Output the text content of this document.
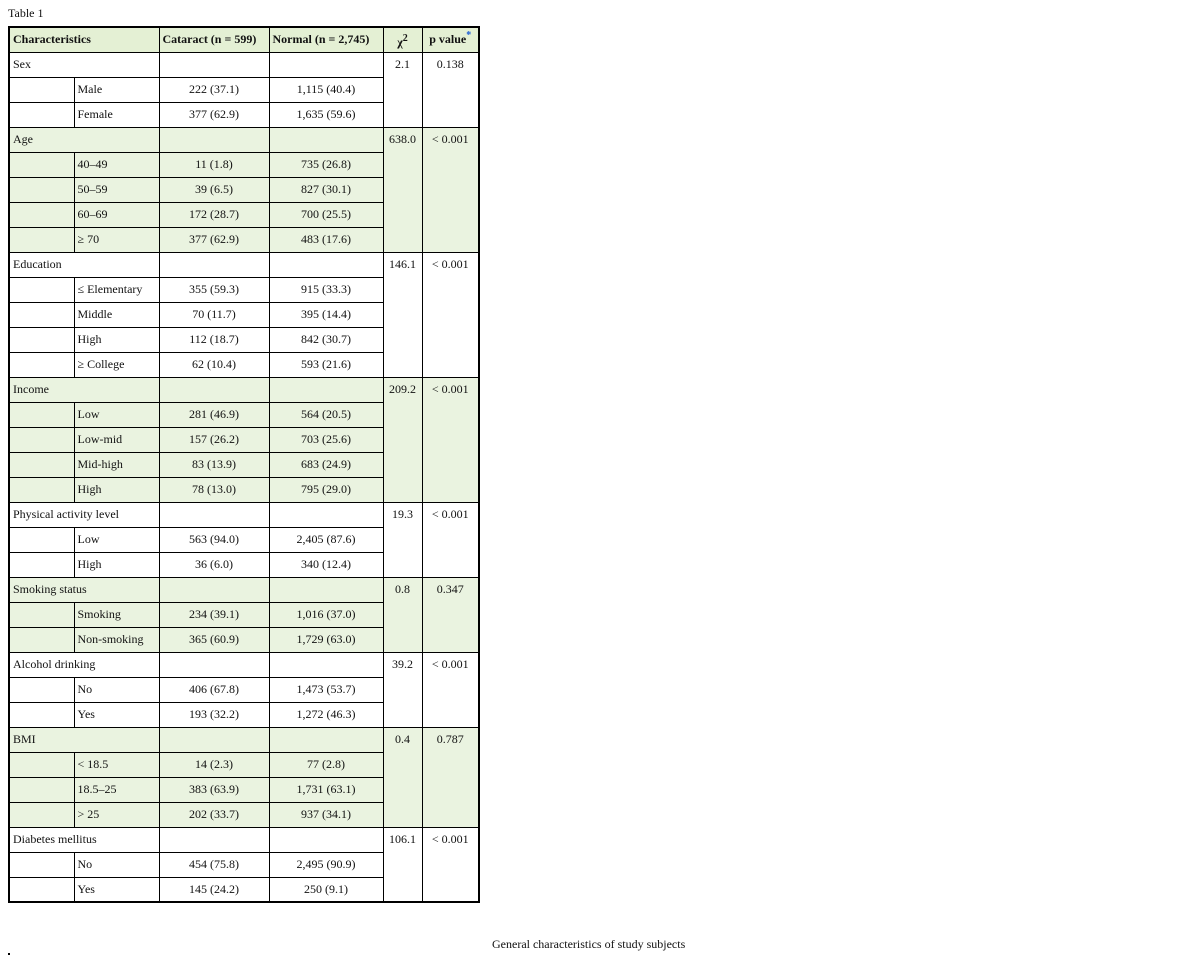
Table 1
Characteristics		Cataract (n = 599)	Normal (n = 2,745)	$\chi^2$	p value*
Sex				2.1	0.138
	Male	222 (37.1)	1,115 (40.4)		
	Female	377 (62.9)	1,635 (59.6)		
Age				638.0	< 0.001
	40–49	11 (1.8)	735 (26.8)		
	50–59	39 (6.5)	827 (30.1)		
	60–69	172 (28.7)	700 (25.5)		
	≥ 70	377 (62.9)	483 (17.6)		
Education				146.1	< 0.001
	≤ Elementary	355 (59.3)	915 (33.3)		
	Middle	70 (11.7)	395 (14.4)		
	High	112 (18.7)	842 (30.7)		
	≥ College	62 (10.4)	593 (21.6)		
Income				209.2	< 0.001
	Low	281 (46.9)	564 (20.5)		
	Low-mid	157 (26.2)	703 (25.6)		
	Mid-high	83 (13.9)	683 (24.9)		
	High	78 (13.0)	795 (29.0)		
Physical activity level				19.3	< 0.001
	Low	563 (94.0)	2,405 (87.6)		
	High	36 (6.0)	340 (12.4)		
Smoking status				0.8	0.347
	Smoking	234 (39.1)	1,016 (37.0)		
	Non-smoking	365 (60.9)	1,729 (63.0)		
Alcohol drinking				39.2	< 0.001
	No	406 (67.8)	1,473 (53.7)		
	Yes	193 (32.2)	1,272 (46.3)		
BMI				0.4	0.787
	< 18.5	14 (2.3)	77 (2.8)		
	18.5–25	383 (63.9)	1,731 (63.1)		
	> 25	202 (33.7)	937 (34.1)		
Diabetes mellitus				106.1	< 0.001
	No	454 (75.8)	2,495 (90.9)		
	Yes	145 (24.2)	250 (9.1)		
General characteristics of study subjects
